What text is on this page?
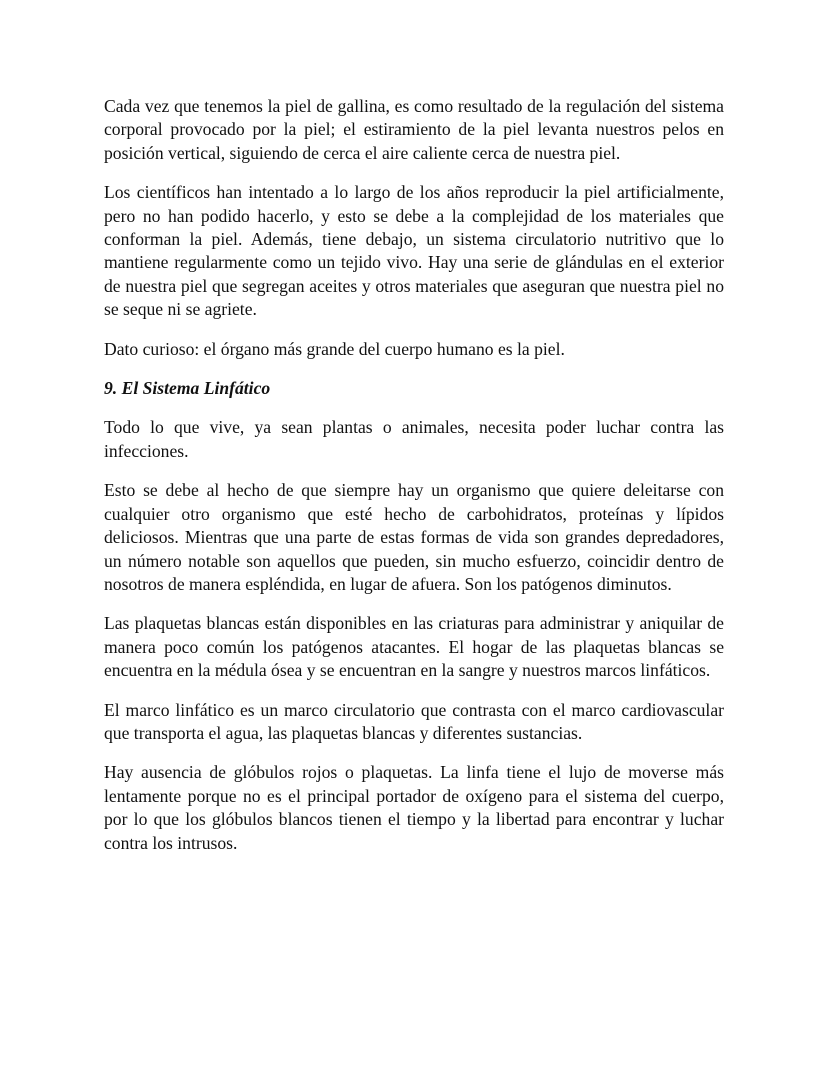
Cada vez que tenemos la piel de gallina, es como resultado de la regulación del sistema corporal provocado por la piel; el estiramiento de la piel levanta nuestros pelos en posición vertical, siguiendo de cerca el aire caliente cerca de nuestra piel.

Los científicos han intentado a lo largo de los años reproducir la piel artificialmente, pero no han podido hacerlo, y esto se debe a la complejidad de los materiales que conforman la piel. Además, tiene debajo, un sistema circulatorio nutritivo que lo mantiene regularmente como un tejido vivo. Hay una serie de glándulas en el exterior de nuestra piel que segregan aceites y otros materiales que aseguran que nuestra piel no se seque ni se agriete.

Dato curioso: el órgano más grande del cuerpo humano es la piel.

9. El Sistema Linfático

Todo lo que vive, ya sean plantas o animales, necesita poder luchar contra las infecciones.

Esto se debe al hecho de que siempre hay un organismo que quiere deleitarse con cualquier otro organismo que esté hecho de carbohidratos, proteínas y lípidos deliciosos. Mientras que una parte de estas formas de vida son grandes depredadores, un número notable son aquellos que pueden, sin mucho esfuerzo, coincidir dentro de nosotros de manera espléndida, en lugar de afuera. Son los patógenos diminutos.

Las plaquetas blancas están disponibles en las criaturas para administrar y aniquilar de manera poco común los patógenos atacantes. El hogar de las plaquetas blancas se encuentra en la médula ósea y se encuentran en la sangre y nuestros marcos linfáticos.

El marco linfático es un marco circulatorio que contrasta con el marco cardiovascular que transporta el agua, las plaquetas blancas y diferentes sustancias.

Hay ausencia de glóbulos rojos o plaquetas. La linfa tiene el lujo de moverse más lentamente porque no es el principal portador de oxígeno para el sistema del cuerpo, por lo que los glóbulos blancos tienen el tiempo y la libertad para encontrar y luchar contra los intrusos.
